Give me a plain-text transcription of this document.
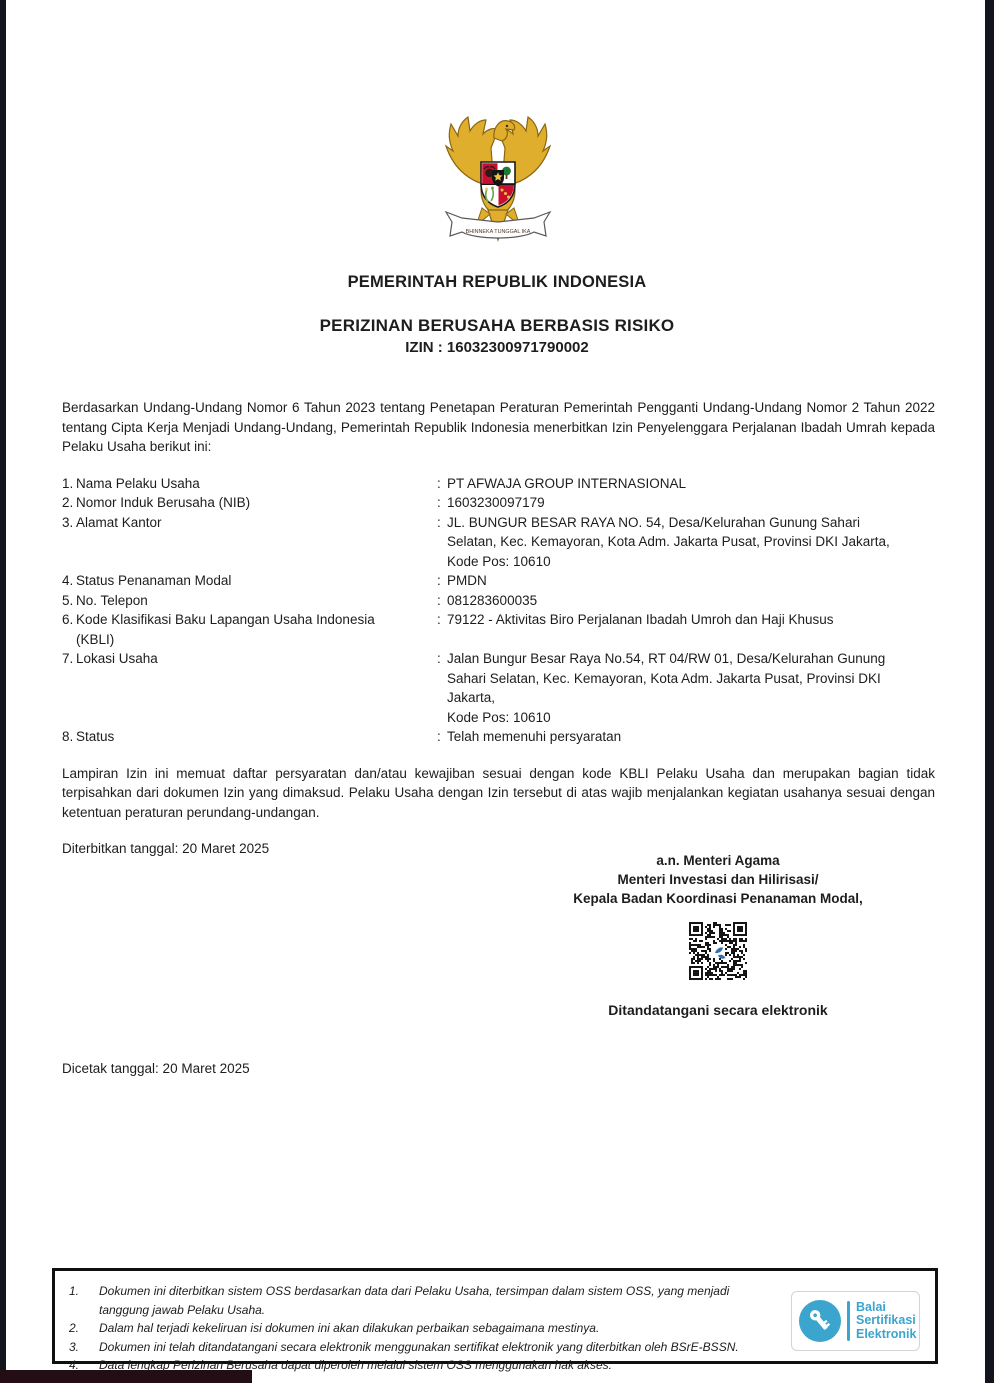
BHINNEKA TUNGGAL IKA
PEMERINTAH REPUBLIK INDONESIA
PERIZINAN BERUSAHA BERBASIS RISIKO
IZIN : 16032300971790002

Berdasarkan Undang-Undang Nomor 6 Tahun 2023 tentang Penetapan Peraturan Pemerintah Pengganti Undang-Undang Nomor 2 Tahun 2022 tentang Cipta Kerja Menjadi Undang-Undang, Pemerintah Republik Indonesia menerbitkan Izin Penyelenggara Perjalanan Ibadah Umrah kepada Pelaku Usaha berikut ini:

1. Nama Pelaku Usaha	: PT AFWAJA GROUP INTERNASIONAL
2. Nomor Induk Berusaha (NIB)	: 1603230097179
3. Alamat Kantor	: JL. BUNGUR BESAR RAYA NO. 54, Desa/Kelurahan Gunung Sahari
Selatan, Kec. Kemayoran, Kota Adm. Jakarta Pusat, Provinsi DKI Jakarta,
Kode Pos: 10610
4. Status Penanaman Modal	: PMDN
5. No. Telepon	: 081283600035
6. Kode Klasifikasi Baku Lapangan Usaha Indonesia
(KBLI)
: 79122 - Aktivitas Biro Perjalanan Ibadah Umroh dan Haji Khusus
7. Lokasi Usaha	: Jalan Bungur Besar Raya No.54, RT 04/RW 01, Desa/Kelurahan Gunung
Sahari Selatan, Kec. Kemayoran, Kota Adm. Jakarta Pusat, Provinsi DKI
Jakarta,
Kode Pos: 10610
8. Status	: Telah memenuhi persyaratan

Lampiran Izin ini memuat daftar persyaratan dan/atau kewajiban sesuai dengan kode KBLI Pelaku Usaha dan merupakan bagian tidak terpisahkan dari dokumen Izin yang dimaksud. Pelaku Usaha dengan Izin tersebut di atas wajib menjalankan kegiatan usahanya sesuai dengan ketentuan peraturan perundang-undangan.

Diterbitkan tanggal: 20 Maret 2025
a.n. Menteri Agama
Menteri Investasi dan Hilirisasi/
Kepala Badan Koordinasi Penanaman Modal,
Ditandatangani secara elektronik
Dicetak tanggal: 20 Maret 2025
1.	Dokumen ini diterbitkan sistem OSS berdasarkan data dari Pelaku Usaha, tersimpan dalam sistem OSS, yang menjadi tanggung jawab Pelaku Usaha.
2.	Dalam hal terjadi kekeliruan isi dokumen ini akan dilakukan perbaikan sebagaimana mestinya.
3.	Dokumen ini telah ditandatangani secara elektronik menggunakan sertifikat elektronik yang diterbitkan oleh BSrE-BSSN.
4.	Data lengkap Perizinan Berusaha dapat diperoleh melalui sistem OSS menggunakan hak akses.
Balai
Sertifikasi
Elektronik
